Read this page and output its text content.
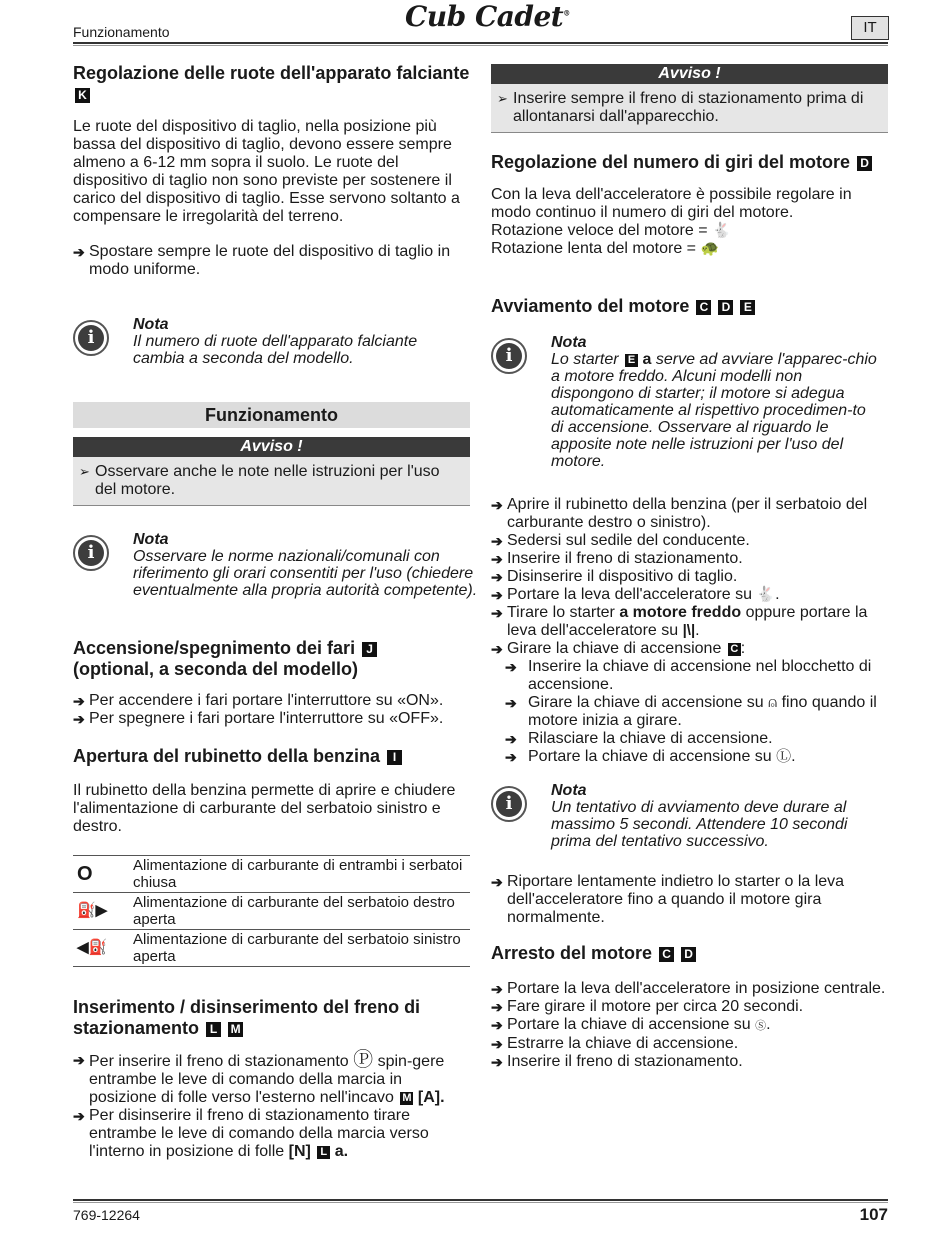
Funzionamento	Cub Cadet®
IT
Regolazione delle ruote dell'apparato falciante K

Le ruote del dispositivo di taglio, nella posizione più bassa del dispositivo di taglio, devono essere sempre almeno a 6-12 mm sopra il suolo. Le ruote del dispositivo di taglio non sono previste per sostenere il carico del dispositivo di taglio. Esse servono soltanto a compensare le irregolarità del terreno.

➔ Spostare sempre le ruote del dispositivo di taglio in modo uniforme.
i
Nota
Il numero di ruote dell'apparato falciante cambia a seconda del modello.
Funzionamento
Avviso !
➢ Osservare anche le note nelle istruzioni per l'uso del motore.
i
Nota
Osservare le norme nazionali/comunali con riferimento gli orari consentiti per l'uso (chiedere eventualmente alla propria autorità competente).
Accensione/spegnimento dei fari J
(optional, a seconda del modello)
➔ Per accendere i fari portare l'interruttore su «ON».
➔ Per spegnere i fari portare l'interruttore su «OFF».
Apertura del rubinetto della benzina I

Il rubinetto della benzina permette di aprire e chiudere l'alimentazione di carburante del serbatoio sinistro e destro.

O	Alimentazione di carburante di entrambi i serbatoi chiusa
⛽▶	Alimentazione di carburante del serbatoio destro aperta
◀⛽	Alimentazione di carburante del serbatoio sinistro aperta
Inserimento / disinserimento del freno di stazionamento L M
➔ Per inserire il freno di stazionamento Ⓟ spin-gere entrambe le leve di comando della marcia in posizione di folle verso l'esterno nell'incavo M [A].
➔ Per disinserire il freno di stazionamento tirare entrambe le leve di comando della marcia verso l'interno in posizione di folle [N] L a.
Avviso !
➢ Inserire sempre il freno di stazionamento prima di allontanarsi dall'apparecchio.
Regolazione del numero di giri del motore D

Con la leva dell'acceleratore è possibile regolare in modo continuo il numero di giri del motore.

Rotazione veloce del motore = 🐇

Rotazione lenta del motore = 🐢

Avviamento del motore C D E
i
Nota
Lo starter E a serve ad avviare l'apparec-chio a motore freddo. Alcuni modelli non dispongono di starter; il motore si adegua automaticamente al rispettivo procedimen-to di accensione. Osservare al riguardo le apposite note nelle istruzioni per l'uso del motore.
➔ Aprire il rubinetto della benzina (per il serbatoio del carburante destro o sinistro).
➔ Sedersi sul sedile del conducente.
➔ Inserire il freno di stazionamento.
➔ Disinserire il dispositivo di taglio.
➔ Portare la leva dell'acceleratore su 🐇.
➔ Tirare lo starter a motore freddo oppure portare la leva dell'acceleratore su |\|.
➔ Girare la chiave di accensione C :
➔ Inserire la chiave di accensione nel blocchetto di accensione.
➔ Girare la chiave di accensione su ⍝ fino quando il motore inizia a girare.
➔ Rilasciare la chiave di accensione.
➔ Portare la chiave di accensione su Ⓛ.
i
Nota
Un tentativo di avviamento deve durare al massimo 5 secondi. Attendere 10 secondi prima del tentativo successivo.
➔ Riportare lentamente indietro lo starter o la leva dell'acceleratore fino a quando il motore gira normalmente.
Arresto del motore C D
➔ Portare la leva dell'acceleratore in posizione centrale.
➔ Fare girare il motore per circa 20 secondi.
➔ Portare la chiave di accensione su Ⓢ.
➔ Estrarre la chiave di accensione.
➔ Inserire il freno di stazionamento.
769-12264	107
